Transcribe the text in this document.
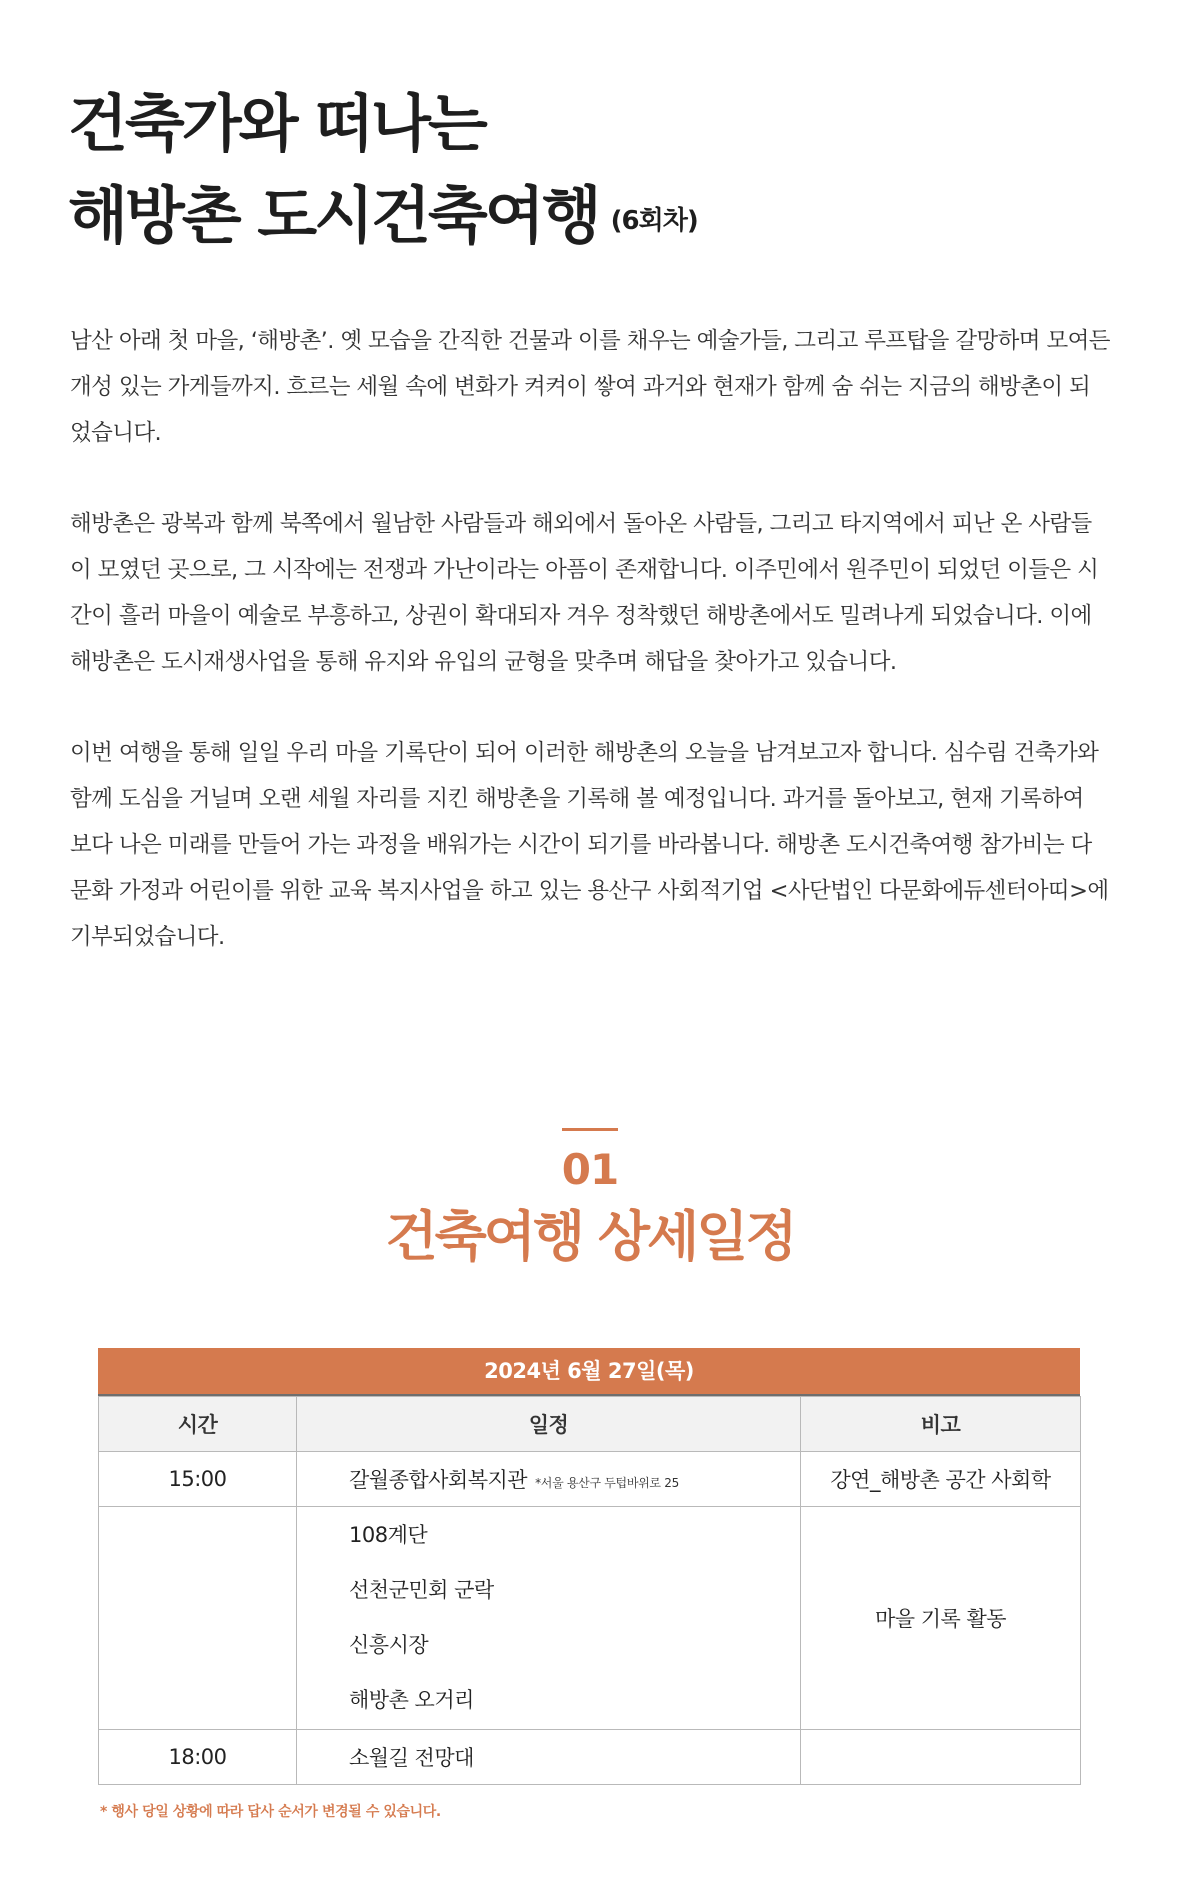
건축가와 떠나는
해방촌 도시건축여행 (6회차)

남산 아래 첫 마을, ‘해방촌’. 옛 모습을 간직한 건물과 이를 채우는 예술가들, 그리고 루프탑을 갈망하며 모여든 개성 있는 가게들까지. 흐르는 세월 속에 변화가 켜켜이 쌓여 과거와 현재가 함께 숨 쉬는 지금의 해방촌이 되었습니다.

해방촌은 광복과 함께 북쪽에서 월남한 사람들과 해외에서 돌아온 사람들, 그리고 타지역에서 피난 온 사람들이 모였던 곳으로, 그 시작에는 전쟁과 가난이라는 아픔이 존재합니다. 이주민에서 원주민이 되었던 이들은 시간이 흘러 마을이 예술로 부흥하고, 상권이 확대되자 겨우 정착했던 해방촌에서도 밀려나게 되었습니다. 이에 해방촌은 도시재생사업을 통해 유지와 유입의 균형을 맞추며 해답을 찾아가고 있습니다.

이번 여행을 통해 일일 우리 마을 기록단이 되어 이러한 해방촌의 오늘을 남겨보고자 합니다. 심수림 건축가와 함께 도심을 거닐며 오랜 세월 자리를 지킨 해방촌을 기록해 볼 예정입니다. 과거를 돌아보고, 현재 기록하여 보다 나은 미래를 만들어 가는 과정을 배워가는 시간이 되기를 바라봅니다. 해방촌 도시건축여행 참가비는 다문화 가정과 어린이를 위한 교육 복지사업을 하고 있는 용산구 사회적기업 <사단법인 다문화에듀센터아띠>에 기부되었습니다.

01
건축여행 상세일정
2024년 6월 27일(목)
시간	일정	비고
15:00	갈월종합사회복지관 *서울 용산구 두텁바위로 25	강연_해방촌 공간 사회학

	108계단
선천군민회 군락
신흥시장
해방촌 오거리	마을 기록 활동
18:00	소월길 전망대	
* 행사 당일 상황에 따라 답사 순서가 변경될 수 있습니다.
